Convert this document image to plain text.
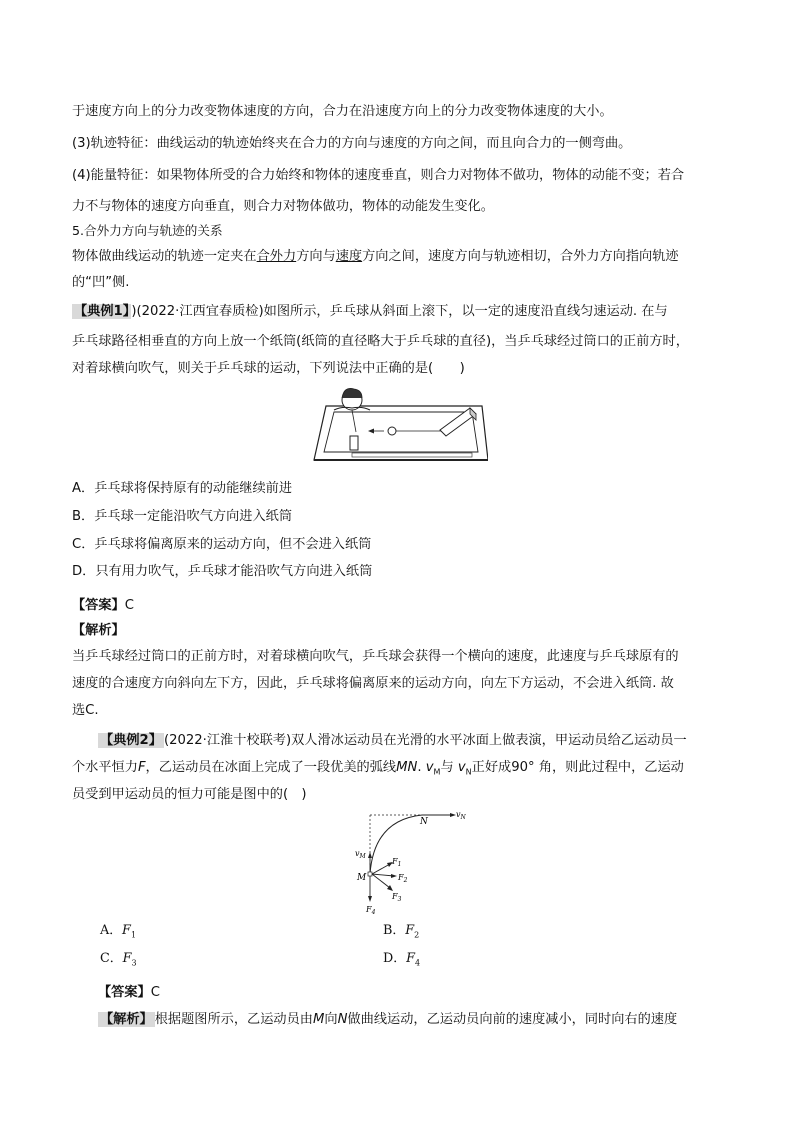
于速度方向上的分力改变物体速度的方向，合力在沿速度方向上的分力改变物体速度的大小。
(3)轨迹特征：曲线运动的轨迹始终夹在合力的方向与速度的方向之间，而且向合力的一侧弯曲。
(4)能量特征：如果物体所受的合力始终和物体的速度垂直，则合力对物体不做功，物体的动能不变；若合
力不与物体的速度方向垂直，则合力对物体做功，物体的动能发生变化。
5.合外力方向与轨迹的关系
物体做曲线运动的轨迹一定夹在合外力方向与速度方向之间，速度方向与轨迹相切，合外力方向指向轨迹
的“凹”侧.
【典例1】 )(2022·江西宜春质检)如图所示，乒乓球从斜面上滚下，以一定的速度沿直线匀速运动. 在与
乒乓球路径相垂直的方向上放一个纸筒(纸筒的直径略大于乒乓球的直径)，当乒乓球经过筒口的正前方时，
对着球横向吹气，则关于乒乓球的运动，下列说法中正确的是(　　)
A．乒乓球将保持原有的动能继续前进
B．乒乓球一定能沿吹气方向进入纸筒
C．乒乓球将偏离原来的运动方向，但不会进入纸筒
D．只有用力吹气，乒乓球才能沿吹气方向进入纸筒
【答案】C
【解析】
当乒乓球经过筒口的正前方时，对着球横向吹气，乒乓球会获得一个横向的速度，此速度与乒乓球原有的
速度的合速度方向斜向左下方，因此，乒乓球将偏离原来的运动方向，向左下方运动，不会进入纸筒. 故
选C.
【典例2】 (2022·江淮十校联考)双人滑冰运动员在光滑的水平冰面上做表演，甲运动员给乙运动员一
个水平恒力F，乙运动员在冰面上完成了一段优美的弧线MN. $v_M$与 $v_N$正好成90° 角，则此过程中，乙运动
员受到甲运动员的恒力可能是图中的(　)
N
$v_N$
$v_M$
M
$F_1$
$F_2$
$F_3$
$F_4$
A．$F_1$	B．$F_2$
C．$F_3$	D．$F_4$
【答案】C
【解析】 根据题图所示，乙运动员由M向N做曲线运动，乙运动员向前的速度减小，同时向右的速度
